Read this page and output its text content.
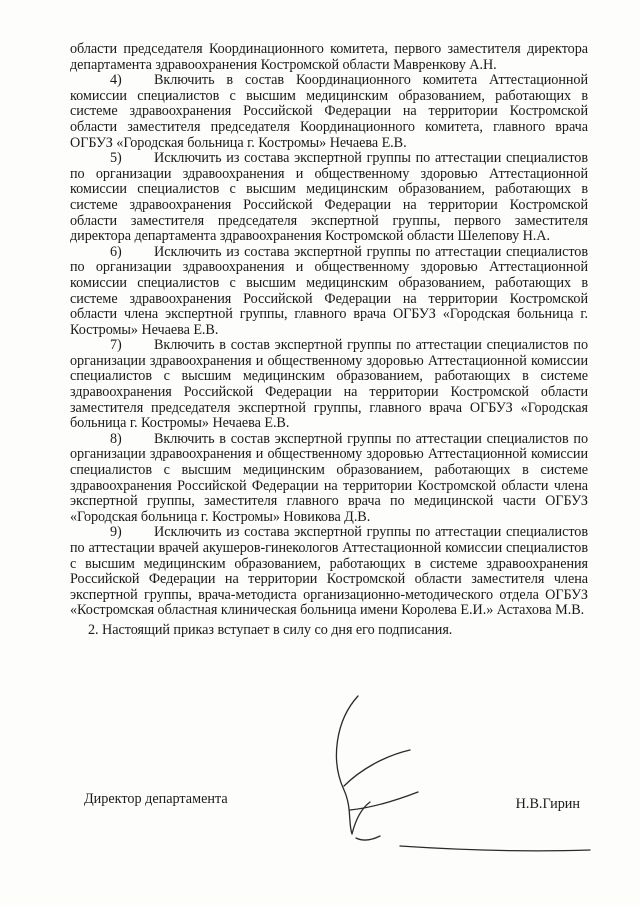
области председателя Координационного комитета, первого заместителя директора департамента здравоохранения Костромской области Мавренкову А.Н.

4) Включить в состав Координационного комитета Аттестационной комиссии специалистов с высшим медицинским образованием, работающих в системе здравоохранения Российской Федерации на территории Костромской области заместителя председателя Координационного комитета, главного врача ОГБУЗ «Городская больница г. Костромы» Нечаева Е.В.

5) Исключить из состава экспертной группы по аттестации специалистов по организации здравоохранения и общественному здоровью Аттестационной комиссии специалистов с высшим медицинским образованием, работающих в системе здравоохранения Российской Федерации на территории Костромской области заместителя председателя экспертной группы, первого заместителя директора департамента здравоохранения Костромской области Шелепову Н.А.

6) Исключить из состава экспертной группы по аттестации специалистов по организации здравоохранения и общественному здоровью Аттестационной комиссии специалистов с высшим медицинским образованием, работающих в системе здравоохранения Российской Федерации на территории Костромской области члена экспертной группы, главного врача ОГБУЗ «Городская больница г. Костромы» Нечаева Е.В.

7) Включить в состав экспертной группы по аттестации специалистов по организации здравоохранения и общественному здоровью Аттестационной комиссии специалистов с высшим медицинским образованием, работающих в системе здравоохранения Российской Федерации на территории Костромской области заместителя председателя экспертной группы, главного врача ОГБУЗ «Городская больница г. Костромы» Нечаева Е.В.

8) Включить в состав экспертной группы по аттестации специалистов по организации здравоохранения и общественному здоровью Аттестационной комиссии специалистов с высшим медицинским образованием, работающих в системе здравоохранения Российской Федерации на территории Костромской области члена экспертной группы, заместителя главного врача по медицинской части ОГБУЗ «Городская больница г. Костромы» Новикова Д.В.

9) Исключить из состава экспертной группы по аттестации специалистов по аттестации врачей акушеров-гинекологов Аттестационной комиссии специалистов с высшим медицинским образованием, работающих в системе здравоохранения Российской Федерации на территории Костромской области заместителя члена экспертной группы, врача-методиста организационно-методического отдела ОГБУЗ «Костромская областная клиническая больница имени Королева Е.И.» Астахова М.В.

2. Настоящий приказ вступает в силу со дня его подписания.

Директор департамента	Н.В.Гирин
